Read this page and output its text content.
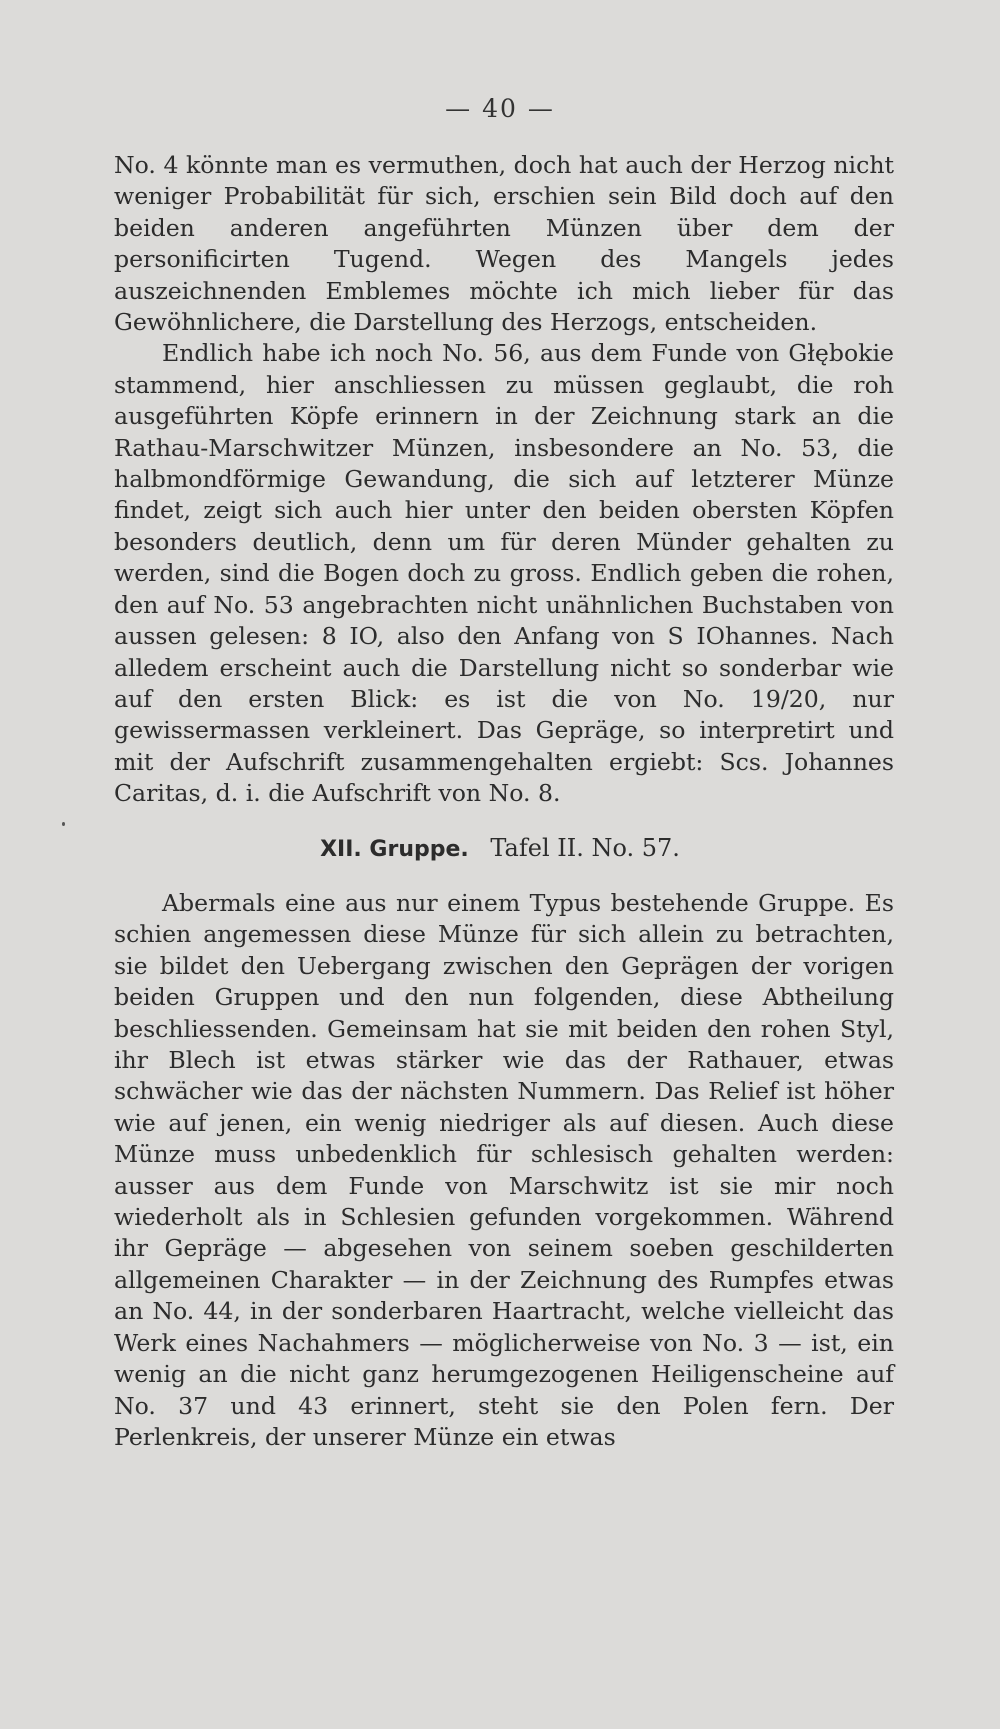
— 40 —

No. 4 könnte man es vermuthen, doch hat auch der Herzog nicht weniger Probabilität für sich, erschien sein Bild doch auf den beiden anderen angeführten Münzen über dem der personificirten Tugend. Wegen des Mangels jedes auszeichnenden Emblemes möchte ich mich lieber für das Gewöhnlichere, die Darstellung des Herzogs, entscheiden.

Endlich habe ich noch No. 56, aus dem Funde von Głębokie stammend, hier anschliessen zu müssen geglaubt, die roh ausgeführten Köpfe erinnern in der Zeichnung stark an die Rathau-Marschwitzer Münzen, insbesondere an No. 53, die halbmondförmige Gewandung, die sich auf letzterer Münze findet, zeigt sich auch hier unter den beiden obersten Köpfen besonders deutlich, denn um für deren Münder gehalten zu werden, sind die Bogen doch zu gross. Endlich geben die rohen, den auf No. 53 angebrachten nicht unähnlichen Buchstaben von aussen gelesen: 8 IO, also den Anfang von S IOhannes. Nach alledem erscheint auch die Darstellung nicht so sonderbar wie auf den ersten Blick: es ist die von No. 19/20, nur gewissermassen verkleinert. Das Gepräge, so interpretirt und mit der Aufschrift zusammengehalten ergiebt: Scs. Johannes Caritas, d. i. die Aufschrift von No. 8.

XII. Gruppe. Tafel II. No. 57.

Abermals eine aus nur einem Typus bestehende Gruppe. Es schien angemessen diese Münze für sich allein zu betrachten, sie bildet den Uebergang zwischen den Geprägen der vorigen beiden Gruppen und den nun folgenden, diese Abtheilung beschliessenden. Gemeinsam hat sie mit beiden den rohen Styl, ihr Blech ist etwas stärker wie das der Rathauer, etwas schwächer wie das der nächsten Nummern. Das Relief ist höher wie auf jenen, ein wenig niedriger als auf diesen. Auch diese Münze muss unbedenklich für schlesisch gehalten werden: ausser aus dem Funde von Marschwitz ist sie mir noch wiederholt als in Schlesien gefunden vorgekommen. Während ihr Gepräge — abgesehen von seinem soeben geschilderten allgemeinen Charakter — in der Zeichnung des Rumpfes etwas an No. 44, in der sonderbaren Haartracht, welche vielleicht das Werk eines Nachahmers — möglicherweise von No. 3 — ist, ein wenig an die nicht ganz herumgezogenen Heiligenscheine auf No. 37 und 43 erinnert, steht sie den Polen fern. Der Perlenkreis, der unserer Münze ein etwas
